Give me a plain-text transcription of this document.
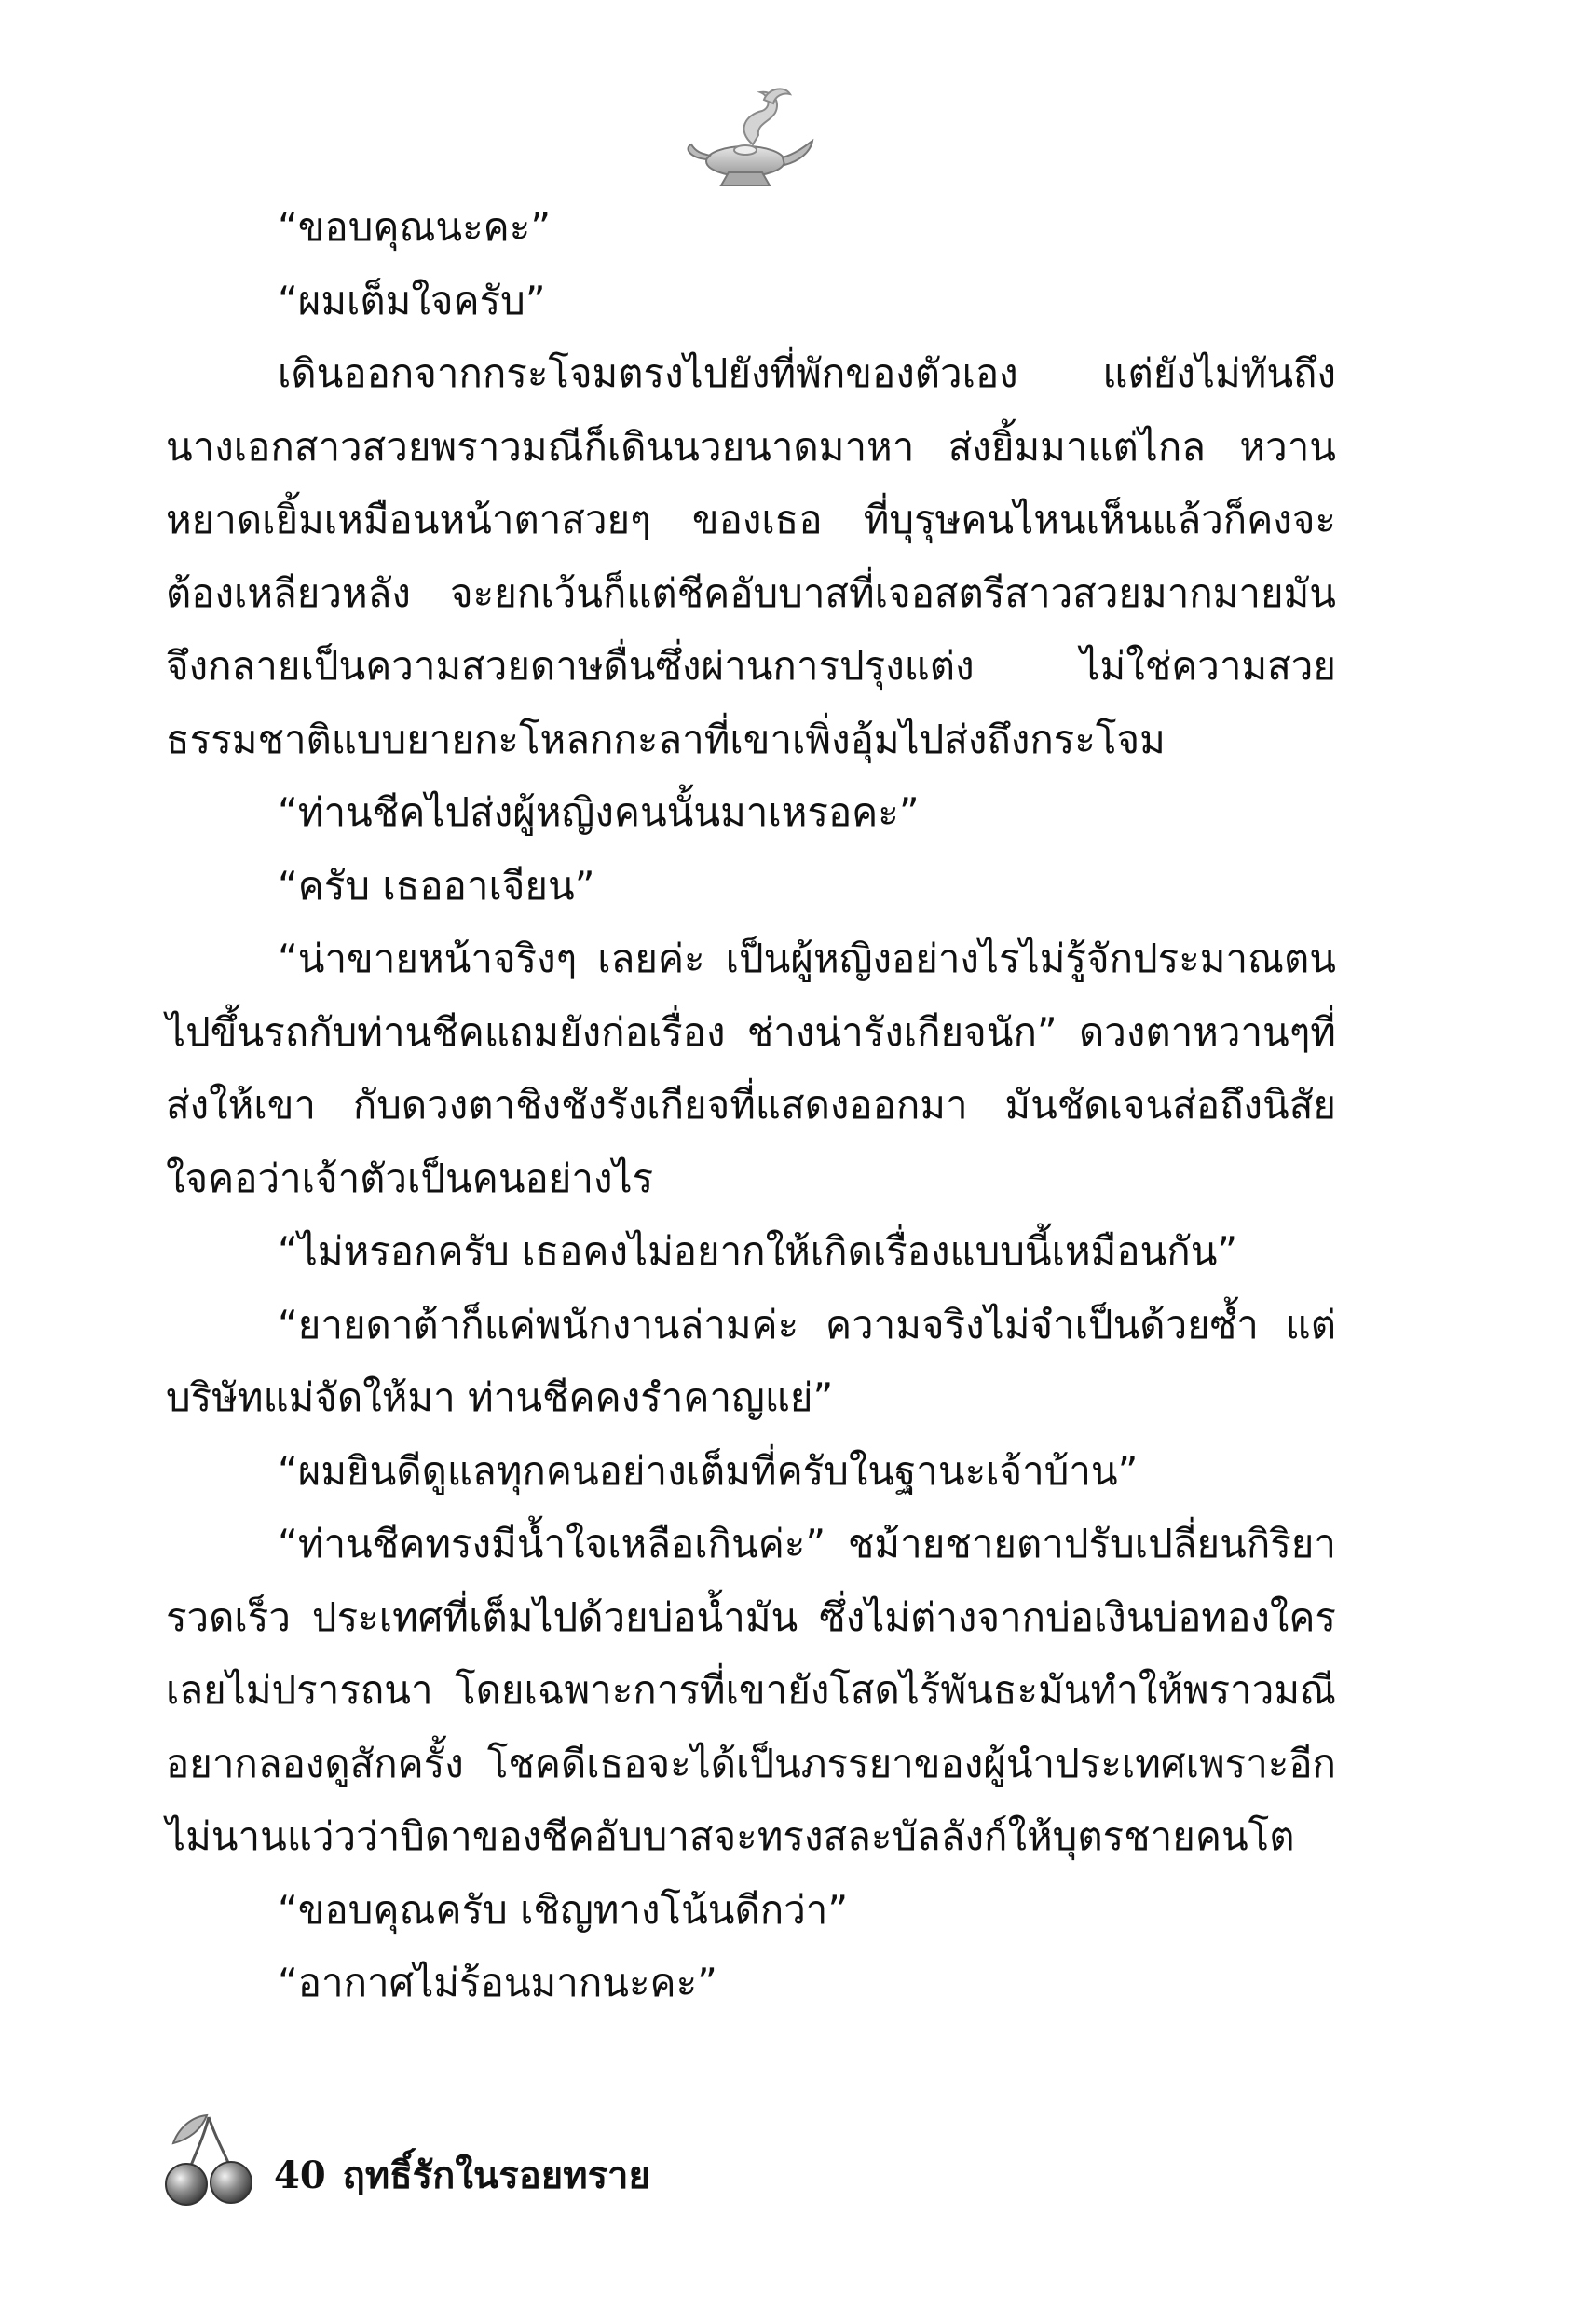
“ขอบคุณนะคะ”

“ผมเต็มใจครับ”

เดินออกจากกระโจมตรงไปยังที่พักของตัวเอง แต่ยังไม่ทันถึงนางเอกสาวสวยพราวมณีก็เดินนวยนาดมาหา ส่งยิ้มมาแต่ไกล หวานหยาดเยิ้มเหมือนหน้าตาสวยๆ ของเธอ ที่บุรุษคนไหนเห็นแล้วก็คงจะต้องเหลียวหลัง จะยกเว้นก็แต่ชีคอับบาสที่เจอสตรีสาวสวยมากมายมันจึงกลายเป็นความสวยดาษดื่นซึ่งผ่านการปรุงแต่ง ไม่ใช่ความสวยธรรมชาติแบบยายกะโหลกกะลาที่เขาเพิ่งอุ้มไปส่งถึงกระโจม

“ท่านชีคไปส่งผู้หญิงคนนั้นมาเหรอคะ”

“ครับ เธออาเจียน”

“น่าขายหน้าจริงๆ เลยค่ะ เป็นผู้หญิงอย่างไรไม่รู้จักประมาณตนไปขึ้นรถกับท่านชีคแถมยังก่อเรื่อง ช่างน่ารังเกียจนัก” ดวงตาหวานๆที่ส่งให้เขา กับดวงตาชิงชังรังเกียจที่แสดงออกมา มันชัดเจนส่อถึงนิสัยใจคอว่าเจ้าตัวเป็นคนอย่างไร

“ไม่หรอกครับ เธอคงไม่อยากให้เกิดเรื่องแบบนี้เหมือนกัน”

“ยายดาต้าก็แค่พนักงานล่ามค่ะ ความจริงไม่จำเป็นด้วยซ้ำ แต่บริษัทแม่จัดให้มา ท่านชีคคงรำคาญแย่”

“ผมยินดีดูแลทุกคนอย่างเต็มที่ครับในฐานะเจ้าบ้าน”

“ท่านชีคทรงมีน้ำใจเหลือเกินค่ะ” ชม้ายชายตาปรับเปลี่ยนกิริยารวดเร็ว ประเทศที่เต็มไปด้วยบ่อน้ำมัน ซึ่งไม่ต่างจากบ่อเงินบ่อทองใครเลยไม่ปรารถนา โดยเฉพาะการที่เขายังโสดไร้พันธะมันทำให้พราวมณีอยากลองดูสักครั้ง โชคดีเธอจะได้เป็นภรรยาของผู้นำประเทศเพราะอีกไม่นานแว่วว่าบิดาของชีคอับบาสจะทรงสละบัลลังก์ให้บุตรชายคนโต

“ขอบคุณครับ เชิญทางโน้นดีกว่า”

“อากาศไม่ร้อนมากนะคะ”

40 ฤทธิ์รักในรอยทราย
